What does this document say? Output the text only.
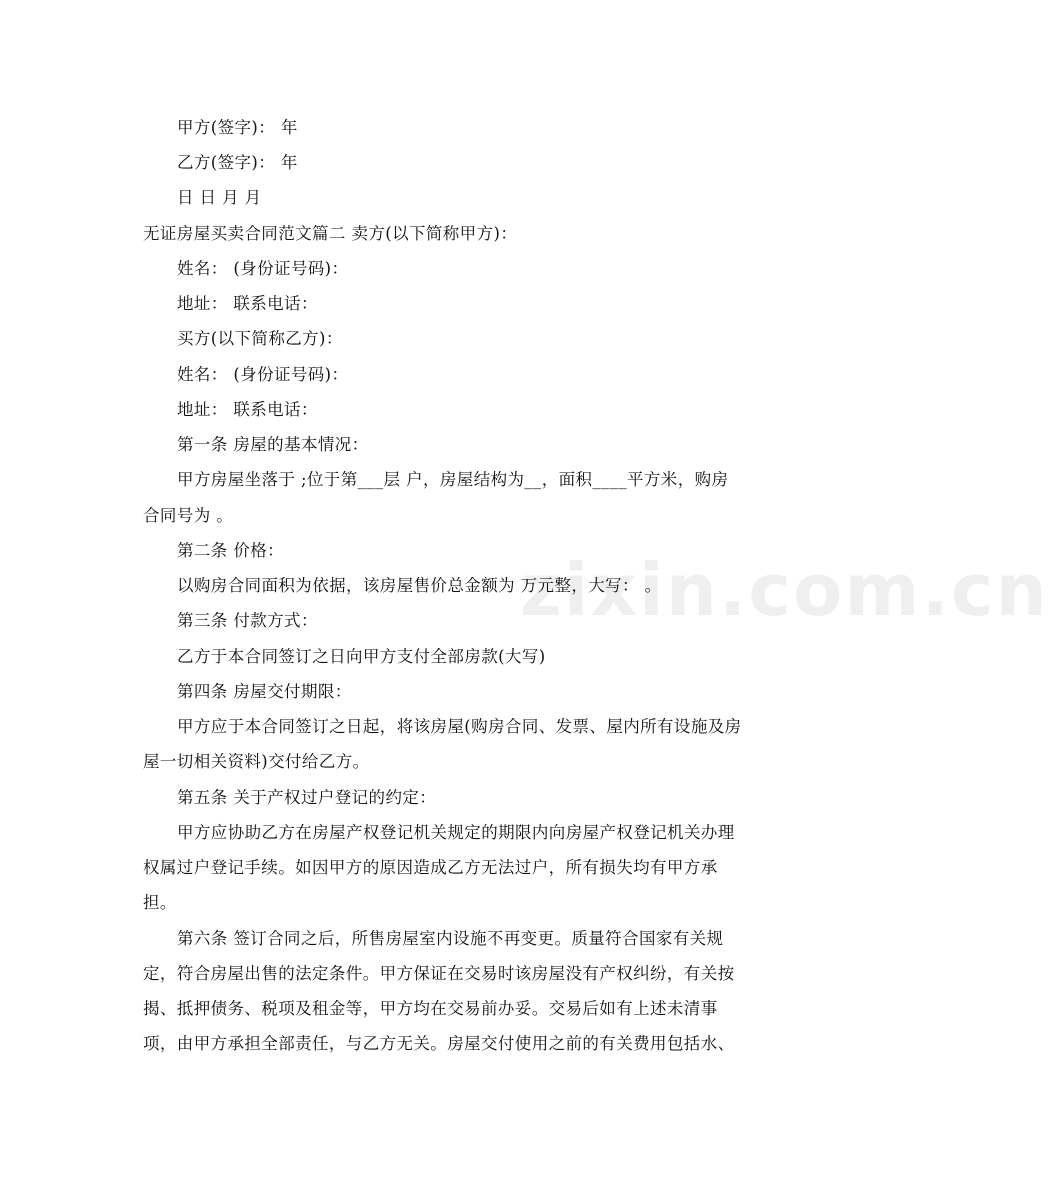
zixin.com.cn
甲方(签字)： 年
乙方(签字)： 年
日 日 月 月
无证房屋买卖合同范文篇二 卖方(以下简称甲方)：
姓名： (身份证号码)：
地址： 联系电话：
买方(以下简称乙方)：
姓名： (身份证号码)：
地址： 联系电话：
第一条 房屋的基本情况：
甲方房屋坐落于 ;位于第___层 户，房屋结构为__，面积____平方米，购房
合同号为 。
第二条 价格：
以购房合同面积为依据，该房屋售价总金额为 万元整，大写： 。
第三条 付款方式：
乙方于本合同签订之日向甲方支付全部房款(大写)
第四条 房屋交付期限：
甲方应于本合同签订之日起，将该房屋(购房合同、发票、屋内所有设施及房
屋一切相关资料)交付给乙方。
第五条 关于产权过户登记的约定：
甲方应协助乙方在房屋产权登记机关规定的期限内向房屋产权登记机关办理
权属过户登记手续。如因甲方的原因造成乙方无法过户，所有损失均有甲方承
担。
第六条 签订合同之后，所售房屋室内设施不再变更。质量符合国家有关规
定，符合房屋出售的法定条件。甲方保证在交易时该房屋没有产权纠纷，有关按
揭、抵押债务、税项及租金等，甲方均在交易前办妥。交易后如有上述未清事
项，由甲方承担全部责任，与乙方无关。房屋交付使用之前的有关费用包括水、
